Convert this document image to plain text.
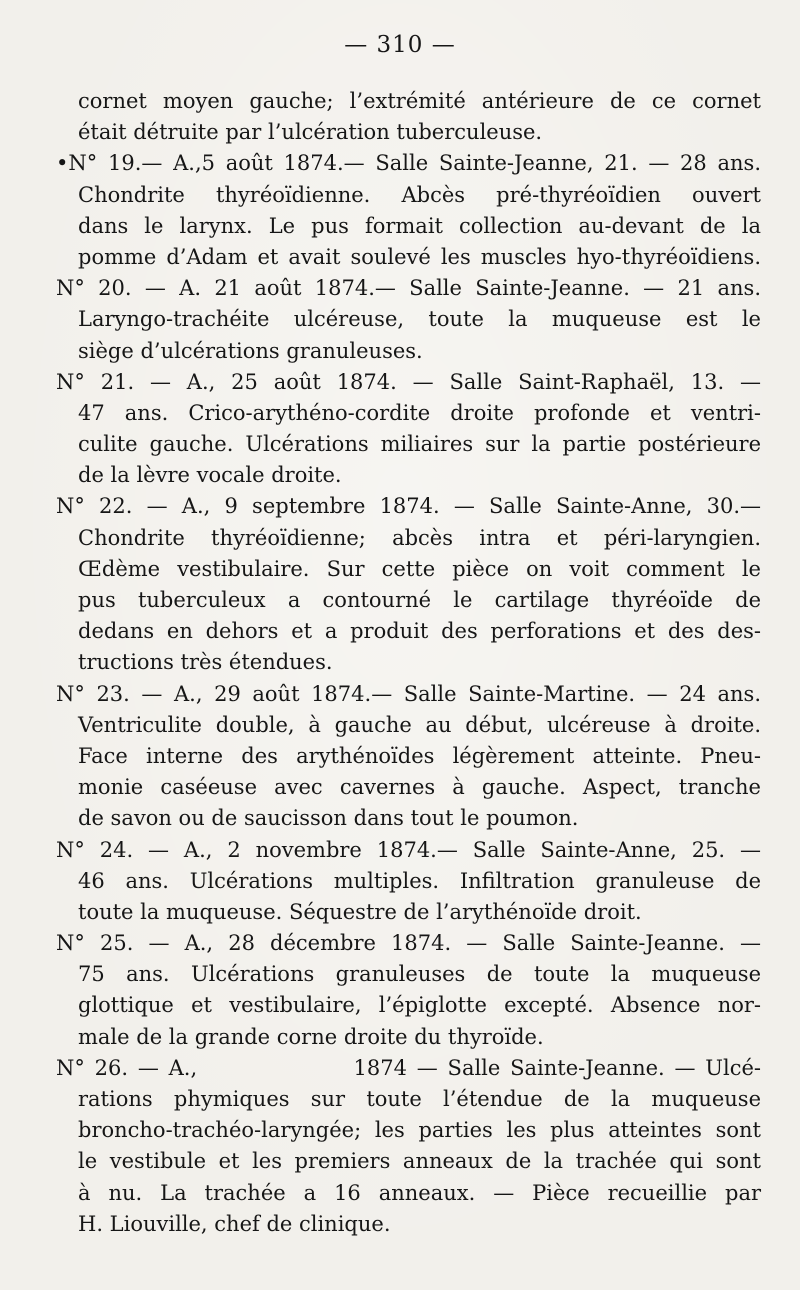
— 310 —
cornet moyen gauche; l’extrémité antérieure de ce cornet
était détruite par l’ulcération tuberculeuse.
•N° 19.— A.,5 août 1874.— Salle Sainte-Jeanne, 21. — 28 ans.
Chondrite thyréoïdienne. Abcès pré-thyréoïdien ouvert
dans le larynx. Le pus formait collection au-devant de la
pomme d’Adam et avait soulevé les muscles hyo-thyréoïdiens.
N° 20. — A. 21 août 1874.— Salle Sainte-Jeanne. — 21 ans.
Laryngo-trachéite ulcéreuse, toute la muqueuse est le
siège d’ulcérations granuleuses.
N° 21. — A., 25 août 1874. — Salle Saint-Raphaël, 13. —
47 ans. Crico-arythéno-cordite droite profonde et ventri-
culite gauche. Ulcérations miliaires sur la partie postérieure
de la lèvre vocale droite.
N° 22. — A., 9 septembre 1874. — Salle Sainte-Anne, 30.—
Chondrite thyréoïdienne; abcès intra et péri-laryngien.
Œdème vestibulaire. Sur cette pièce on voit comment le
pus tuberculeux a contourné le cartilage thyréoïde de
dedans en dehors et a produit des perforations et des des-
tructions très étendues.
N° 23. — A., 29 août 1874.— Salle Sainte-Martine. — 24 ans.
Ventriculite double, à gauche au début, ulcéreuse à droite.
Face interne des arythénoïdes légèrement atteinte. Pneu-
monie caséeuse avec cavernes à gauche. Aspect, tranche
de savon ou de saucisson dans tout le poumon.
N° 24. — A., 2 novembre 1874.— Salle Sainte-Anne, 25. —
46 ans. Ulcérations multiples. Infiltration granuleuse de
toute la muqueuse. Séquestre de l’arythénoïde droit.
N° 25. — A., 28 décembre 1874. — Salle Sainte-Jeanne. —
75 ans. Ulcérations granuleuses de toute la muqueuse
glottique et vestibulaire, l’épiglotte excepté. Absence nor-
male de la grande corne droite du thyroïde.
N° 26. — A.,                1874 — Salle Sainte-Jeanne. — Ulcé-
rations phymiques sur toute l’étendue de la muqueuse
broncho-trachéo-laryngée; les parties les plus atteintes sont
le vestibule et les premiers anneaux de la trachée qui sont
à nu. La trachée a 16 anneaux. — Pièce recueillie par
H. Liouville, chef de clinique.
